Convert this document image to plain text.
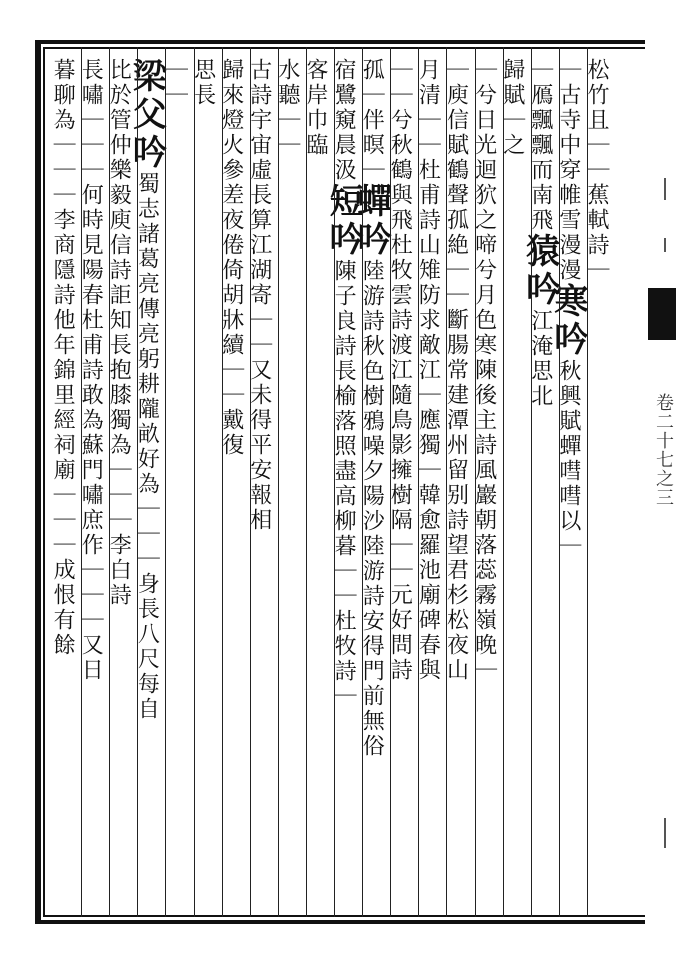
卷二十七之三
松竹且｜｜蕉軾詩｜
｜古寺中穿帷雪漫漫寒吟秋興賦蟬嘒嘒以｜
｜鴈飄飄而南飛猿吟江淹思北
歸賦｜之
｜兮日光迴狖之啼兮月色寒陳後主詩風巖朝落蕊霧嶺晚｜
｜庾信賦鶴聲孤絶｜｜斷腸常建潭州留别詩望君杉松夜山
月清｜｜杜甫詩山雉防求敵江｜應獨｜韓愈羅池廟碑春與
｜｜兮秋鶴與飛杜牧雲詩渡江隨鳥影擁樹隔｜｜元好問詩
孤｜伴暝｜蟬吟陸游詩秋色樹鴉噪夕陽沙陸游詩安得門前無俗
宿鷺窺晨汲短吟陳子良詩長榆落照盡高柳暮｜｜杜牧詩｜
客岸巾臨
水聽｜｜
古詩宇宙虛長算江湖寄｜｜又未得平安報相
歸來燈火參差夜倦倚胡牀續｜｜戴復
思長
｜｜
梁父吟蜀志諸葛亮傳亮躬耕隴畝好為｜｜｜身長八尺每自
比於管仲樂毅庾信詩詎知長抱膝獨為｜｜｜李白詩
長嘯｜｜｜何時見陽春杜甫詩敢為蘇門嘯庶作｜｜｜又日
暮聊為｜｜｜李商隱詩他年錦里經祠廟｜｜｜成恨有餘
